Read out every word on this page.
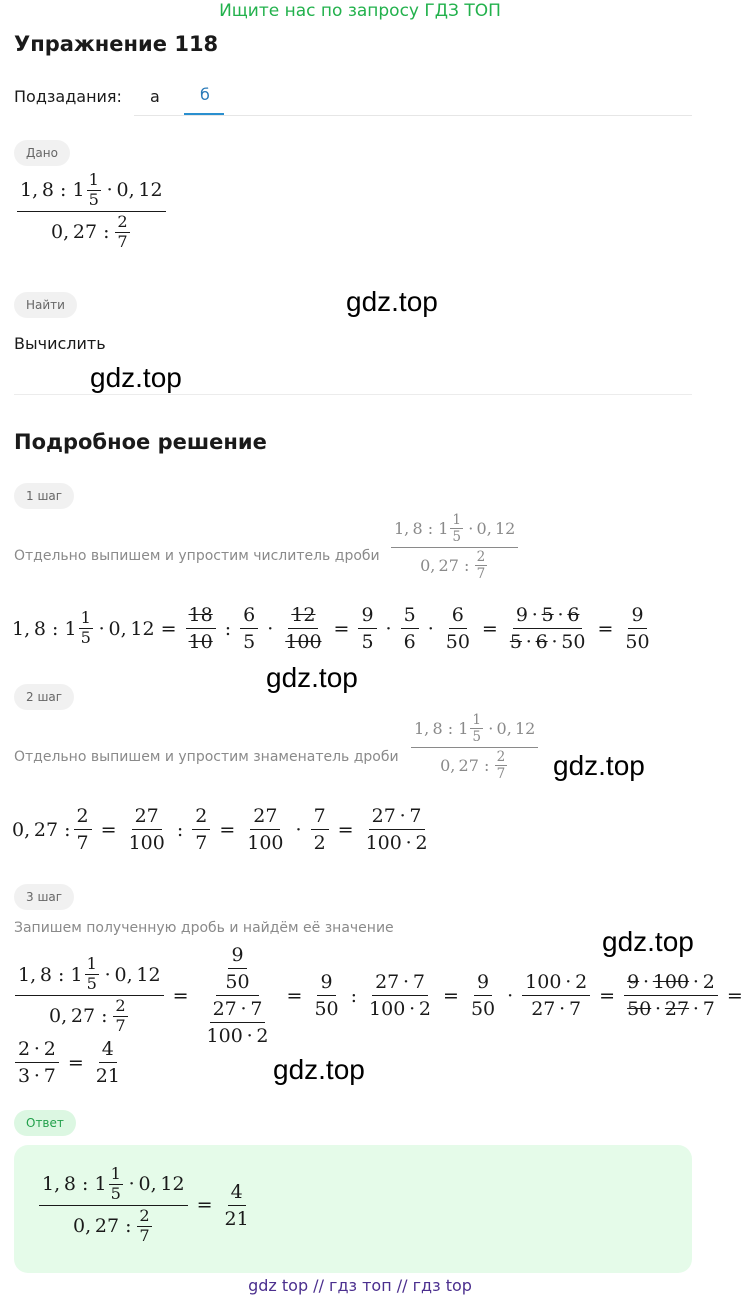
Ищите нас по запросу ГДЗ ТОП
Упражнение 118
Подзадания: а	б
Дано
1, 8 : 1 1
5  · 0, 12
0, 27 :  2
7
Найти	gdz.top
Вычислить
gdz.top
Подробное решение
1 шаг
Отдельно выпишем и упростим числитель дроби 1, 8 : 1 1
5  · 0, 12
0, 27 :  2
7
1, 8 : $1 \frac{1}{5} \cdot 0$, $12 = \frac{18}{10}$ : $\frac{6}{5} \cdot \frac{12}{100} = \frac{9}{5} \cdot \frac{5}{6} \cdot \frac{6}{50} = \frac{9 \cdot 5 \cdot 6}{5 \cdot 6 \cdot 50} = \frac{9}{50}$
gdz.top
2 шаг
Отдельно выпишем и упростим знаменатель дроби 1, 8 : 1 1
5  · 0, 12
0, 27 :  2
7 gdz.top
0, 27 : $\frac{2}{7} = \frac{27}{100}$ : $\frac{2}{7} = \frac{27}{100} \cdot \frac{7}{2} = \frac{27 \cdot 7}{100 \cdot 2}$
3 шаг
Запишем полученную дробь и найдём её значение	gdz.top
1, 8 : 1 1
5  · 0, 12
0, 27 :  2
$7 = \frac{\frac{9}{50}}{\frac{27 \cdot 7}{100 \cdot 2}} = \frac{9}{50}$ : $\frac{27 \cdot 7}{100 \cdot 2} = \frac{9}{50} \cdot \frac{100 \cdot 2}{27 \cdot 7} = \frac{9 \cdot 100 \cdot 2}{50 \cdot 27 \cdot 7}$ =
$\frac{2 \cdot 2}{3 \cdot 7} = \frac{4}{21}$	gdz.top
Ответ
1, 8 : 1 1
5  · 0, 12
0, 27 :  2
$7 = \frac{4}{21}$
gdz top // гдз топ // гдз top
